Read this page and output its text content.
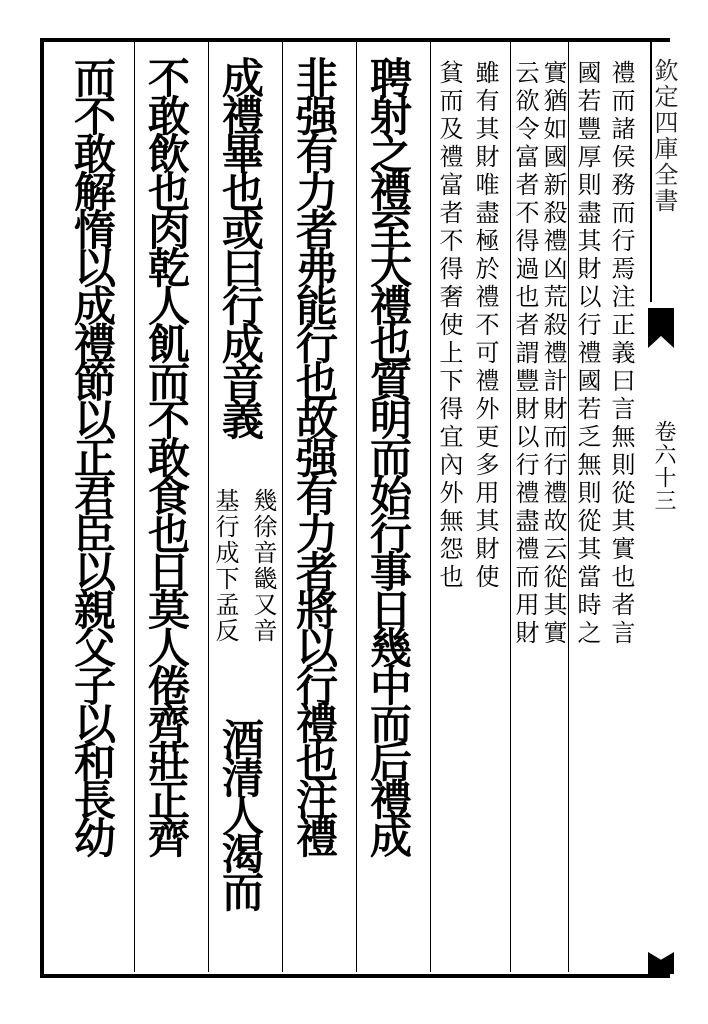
欽定四庫全書
卷六十三
禮而諸侯務而行焉注正義曰言無則從其實也者言
國若豐厚則盡其財以行禮國若乏無則從其當時之
實猶如國新殺禮凶荒殺禮計財而行禮故云從其實
云欲令富者不得過也者謂豐財以行禮盡禮而用財
雖有其財唯盡極於禮不可禮外更多用其財使
貧而及禮富者不得奢使上下得宜內外無怨也
聘射之禮至大禮也質明而始行事日幾中而后禮成
非强有力者弗能行也故强有力者將以行禮也注禮
成禮畢也或曰行成音義
幾徐音畿又音
基行成下孟反
酒清人渴而
不敢飲也肉乾人飢而不敢食也日莫人倦齊莊正齊
而不敢解惰以成禮節以正君臣以親父子以和長幼
